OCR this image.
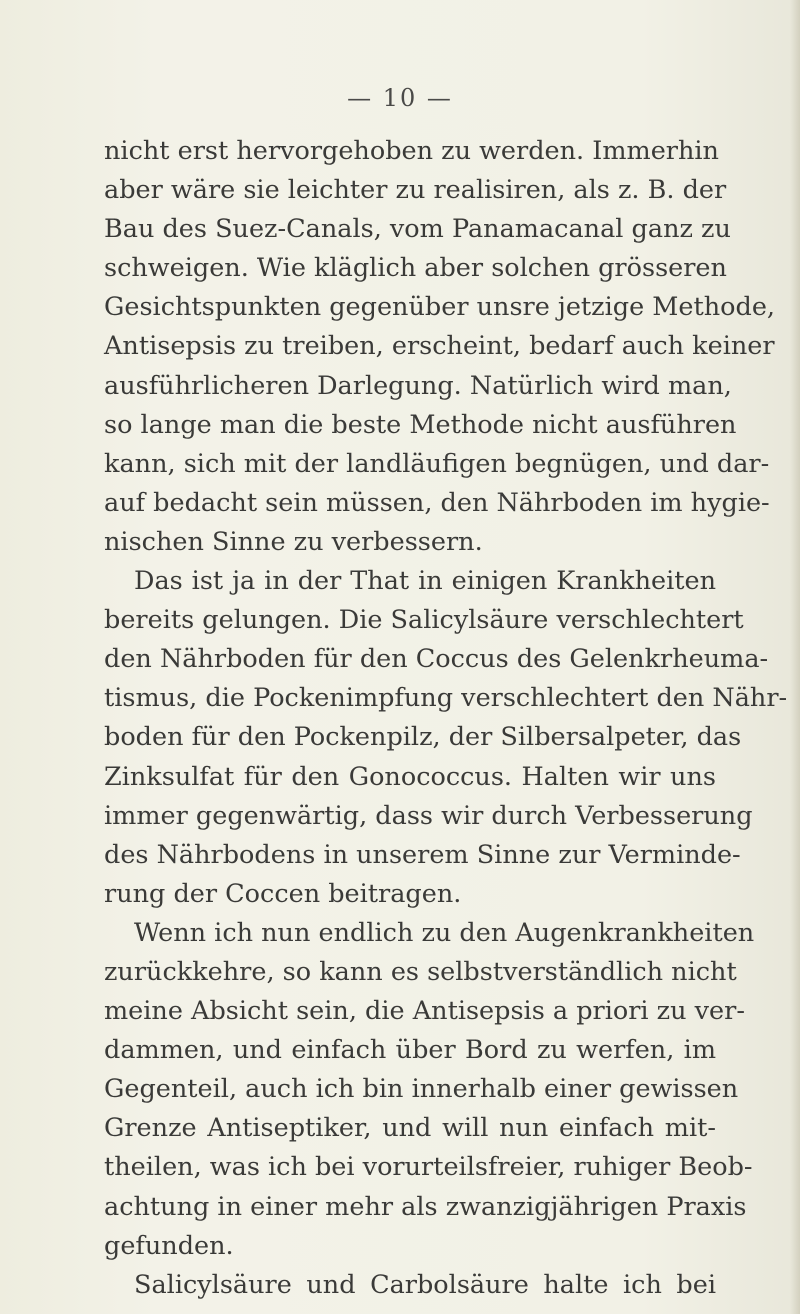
— 10 —
nicht erst hervorgehoben zu werden. Immerhin
aber wäre sie leichter zu realisiren, als z. B. der
Bau des Suez-Canals, vom Panamacanal ganz zu
schweigen. Wie kläglich aber solchen grösseren
Gesichtspunkten gegenüber unsre jetzige Methode,
Antisepsis zu treiben, erscheint, bedarf auch keiner
ausführlicheren Darlegung. Natürlich wird man,
so lange man die beste Methode nicht ausführen
kann, sich mit der landläufigen begnügen, und dar-
auf bedacht sein müssen, den Nährboden im hygie-
nischen Sinne zu verbessern.
Das ist ja in der That in einigen Krankheiten
bereits gelungen. Die Salicylsäure verschlechtert
den Nährboden für den Coccus des Gelenkrheuma-
tismus, die Pockenimpfung verschlechtert den Nähr-
boden für den Pockenpilz, der Silbersalpeter, das
Zinksulfat für den Gonococcus. Halten wir uns
immer gegenwärtig, dass wir durch Verbesserung
des Nährbodens in unserem Sinne zur Verminde-
rung der Coccen beitragen.
Wenn ich nun endlich zu den Augenkrankheiten
zurückkehre, so kann es selbstverständlich nicht
meine Absicht sein, die Antisepsis a priori zu ver-
dammen, und einfach über Bord zu werfen, im
Gegenteil, auch ich bin innerhalb einer gewissen
Grenze Antiseptiker, und will nun einfach mit-
theilen, was ich bei vorurteilsfreier, ruhiger Beob-
achtung in einer mehr als zwanzigjährigen Praxis
gefunden.
Salicylsäure und Carbolsäure halte ich bei
